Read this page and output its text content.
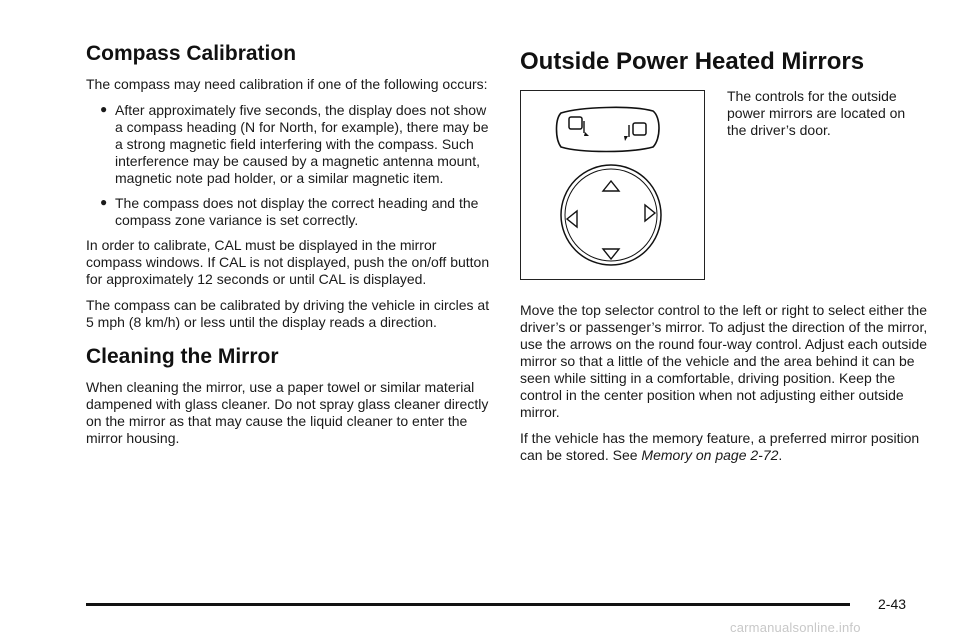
Compass Calibration

The compass may need calibration if one of the following occurs:

● After approximately five seconds, the display does not show a compass heading (N for North, for example), there may be a strong magnetic field interfering with the compass. Such interference may be caused by a magnetic antenna mount, magnetic note pad holder, or a similar magnetic item.
● The compass does not display the correct heading and the compass zone variance is set correctly.

In order to calibrate, CAL must be displayed in the mirror compass windows. If CAL is not displayed, push the on/off button for approximately 12 seconds or until CAL is displayed.

The compass can be calibrated by driving the vehicle in circles at 5 mph (8 km/h) or less until the display reads a direction.

Cleaning the Mirror

When cleaning the mirror, use a paper towel or similar material dampened with glass cleaner. Do not spray glass cleaner directly on the mirror as that may cause the liquid cleaner to enter the mirror housing.

Outside Power Heated Mirrors
The controls for the outside power mirrors are located on the driver’s door.

Move the top selector control to the left or right to select either the driver’s or passenger’s mirror. To adjust the direction of the mirror, use the arrows on the round four-way control. Adjust each outside mirror so that a little of the vehicle and the area behind it can be seen while sitting in a comfortable, driving position. Keep the control in the center position when not adjusting either outside mirror.

If the vehicle has the memory feature, a preferred mirror position can be stored. See Memory on page 2-72.

2-43
carmanualsonline.info
